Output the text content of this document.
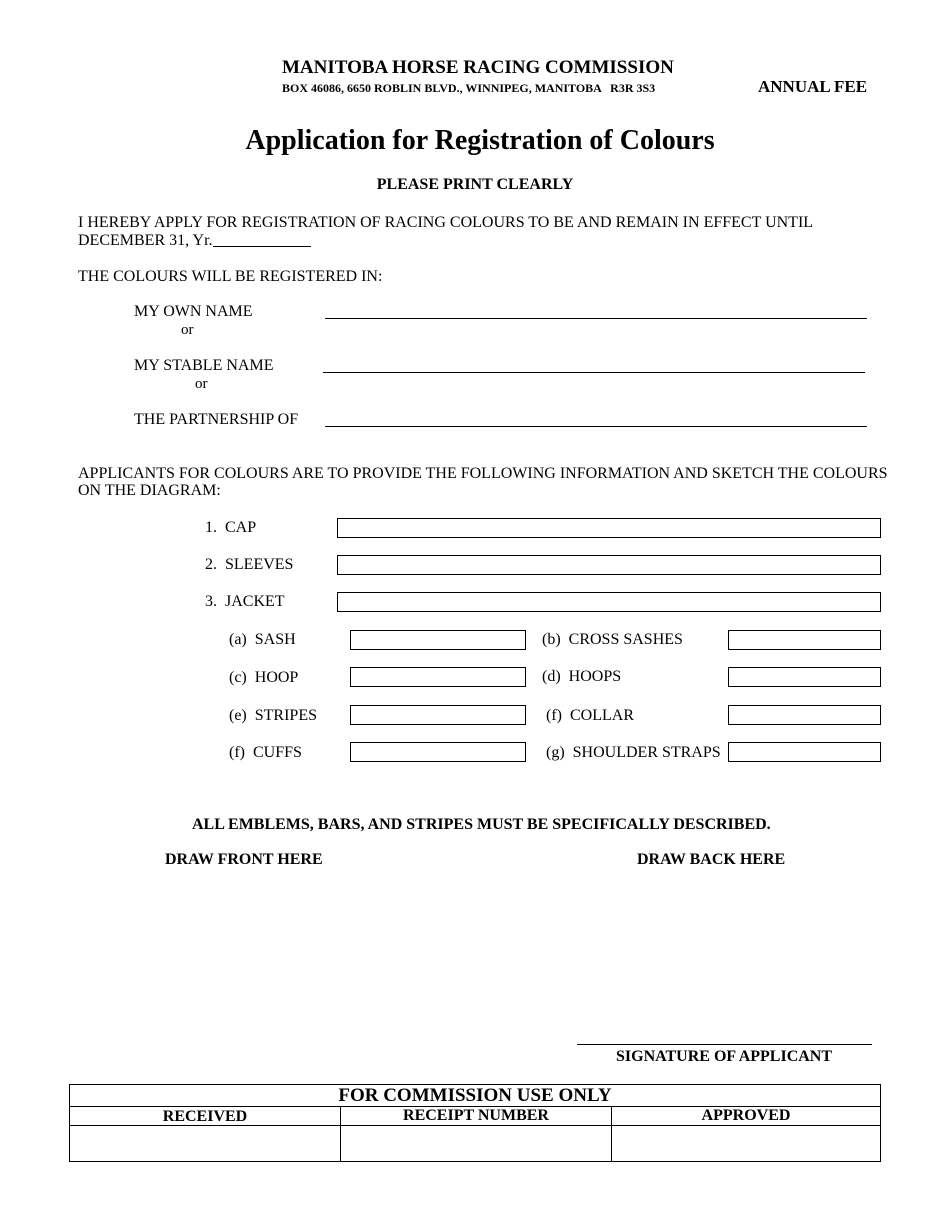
MANITOBA HORSE RACING COMMISSION
BOX 46086, 6650 ROBLIN BLVD., WINNIPEG, MANITOBA   R3R 3S3	ANNUAL FEE
Application for Registration of Colours
PLEASE PRINT CLEARLY
I HEREBY APPLY FOR REGISTRATION OF RACING COLOURS TO BE AND REMAIN IN EFFECT UNTIL
DECEMBER 31, Yr.
THE COLOURS WILL BE REGISTERED IN:
MY OWN NAME
or
MY STABLE NAME
or
THE PARTNERSHIP OF
APPLICANTS FOR COLOURS ARE TO PROVIDE THE FOLLOWING INFORMATION AND SKETCH THE COLOURS
ON THE DIAGRAM:
1.  CAP
2.  SLEEVES
3.  JACKET
(a)  SASH	(b)  CROSS SASHES
(c)  HOOP	(d)  HOOPS
(e)  STRIPES	(f)  COLLAR
(f)  CUFFS	(g)  SHOULDER STRAPS
ALL EMBLEMS, BARS, AND STRIPES MUST BE SPECIFICALLY DESCRIBED.
DRAW FRONT HERE	DRAW BACK HERE
SIGNATURE OF APPLICANT
FOR COMMISSION USE ONLY		
RECEIVED	RECEIPT NUMBER	APPROVED
